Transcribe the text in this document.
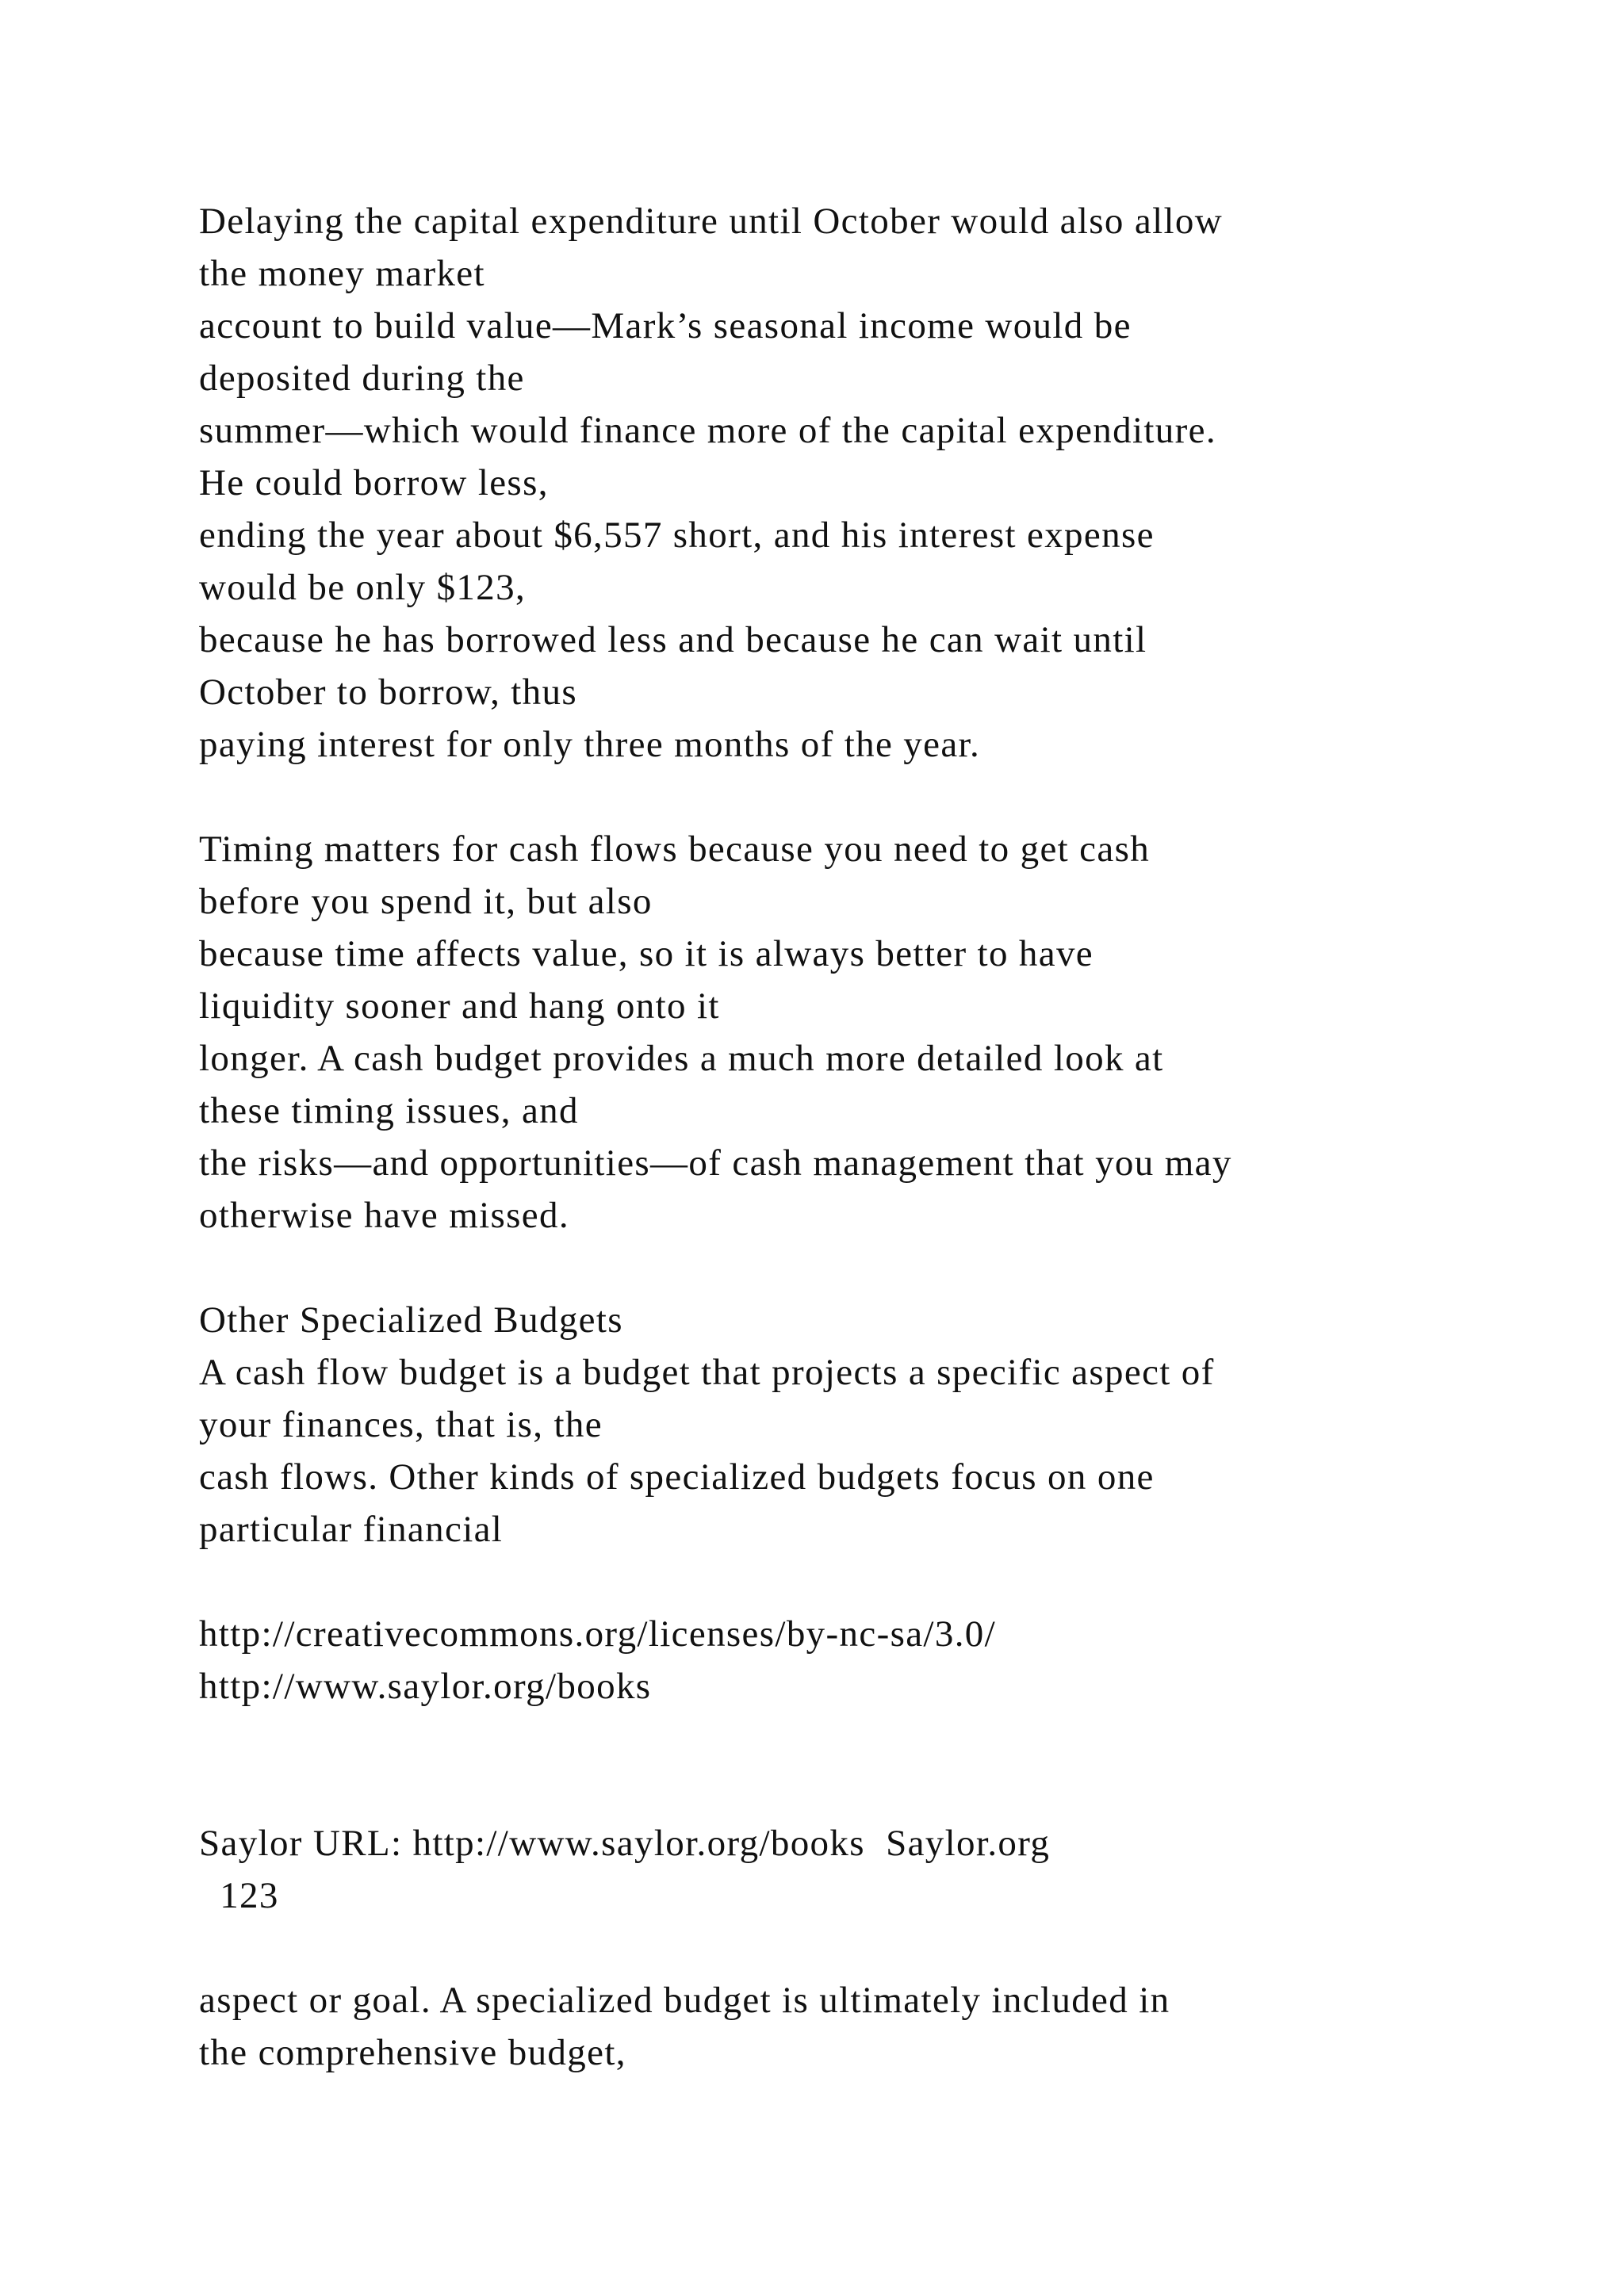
Delaying the capital expenditure until October would also allow
the money market
account to build value—Mark’s seasonal income would be
deposited during the
summer—which would finance more of the capital expenditure.
He could borrow less,
ending the year about $6,557 short, and his interest expense
would be only $123,
because he has borrowed less and because he can wait until
October to borrow, thus
paying interest for only three months of the year.
Timing matters for cash flows because you need to get cash
before you spend it, but also
because time affects value, so it is always better to have
liquidity sooner and hang onto it
longer. A cash budget provides a much more detailed look at
these timing issues, and
the risks—and opportunities—of cash management that you may
otherwise have missed.
Other Specialized Budgets
A cash flow budget is a budget that projects a specific aspect of
your finances, that is, the
cash flows. Other kinds of specialized budgets focus on one
particular financial
http://creativecommons.org/licenses/by-nc-sa/3.0/
http://www.saylor.org/books
Saylor URL: http://www.saylor.org/books  Saylor.org
123
aspect or goal. A specialized budget is ultimately included in
the comprehensive budget,
